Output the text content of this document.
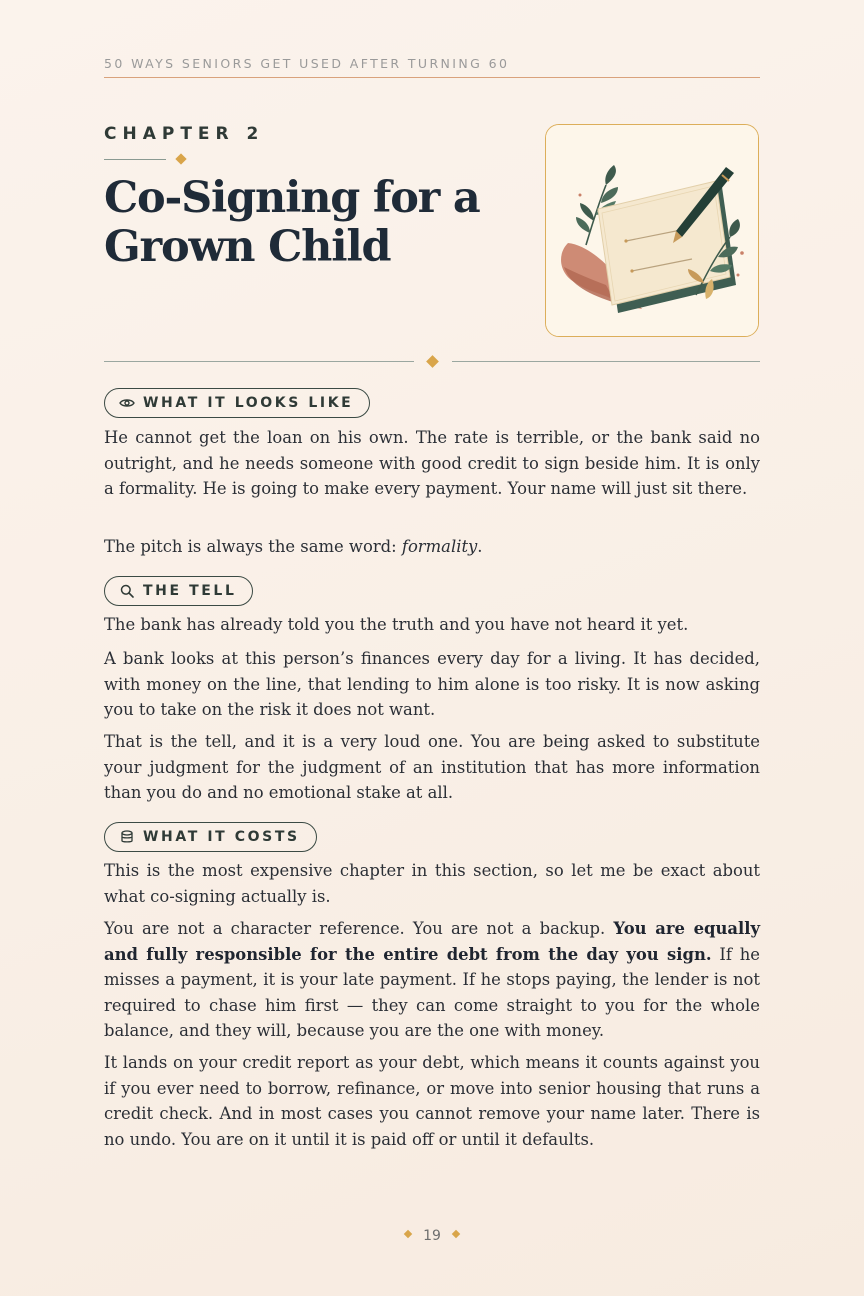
50 WAYS SENIORS GET USED AFTER TURNING 60
CHAPTER 2
Co-Signing for a Grown Child
WHAT IT LOOKS LIKE

He cannot get the loan on his own. The rate is terrible, or the bank said no outright, and he needs someone with good credit to sign beside him. It is only a formality. He is going to make every payment. Your name will just sit there.

The pitch is always the same word: formality.

THE TELL

The bank has already told you the truth and you have not heard it yet.

A bank looks at this person’s finances every day for a living. It has decided, with money on the line, that lending to him alone is too risky. It is now asking you to take on the risk it does not want.

That is the tell, and it is a very loud one. You are being asked to substitute your judgment for the judgment of an institution that has more information than you do and no emotional stake at all.

WHAT IT COSTS

This is the most expensive chapter in this section, so let me be exact about what co-signing actually is.

You are not a character reference. You are not a backup. You are equally and fully responsible for the entire debt from the day you sign. If he misses a payment, it is your late payment. If he stops paying, the lender is not required to chase him first — they can come straight to you for the whole balance, and they will, because you are the one with money.

It lands on your credit report as your debt, which means it counts against you if you ever need to borrow, refinance, or move into senior housing that runs a credit check. And in most cases you cannot remove your name later. There is no undo. You are on it until it is paid off or until it defaults.

19
